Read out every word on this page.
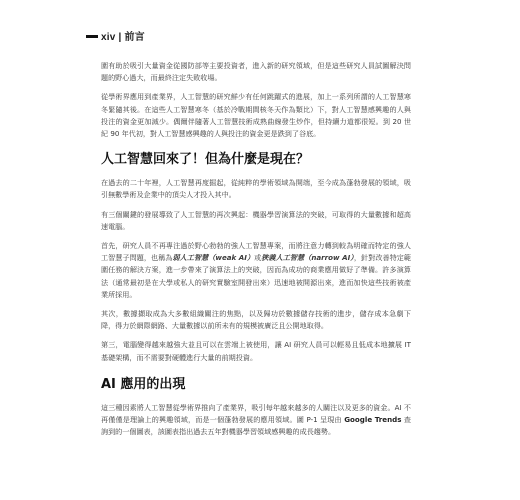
xiv | 前言

圍有助於吸引大量資金從國防部等主要投資者，進入新的研究領域，但是這些研究人員試圖解決問題的野心過大，而最終注定失敗收場。

從學術界應用到產業界，人工智慧的研究鮮少有任何跳躍式的進展，加上一系列所謂的人工智慧寒冬緊隨其後。在這些人工智慧寒冬（基於冷戰期間核冬天作為類比）下，對人工智慧感興趣的人與投注的資金更加減少。偶爾伴隨著人工智慧技術成熟曲線發生炒作，但持續力道都很短。到 20 世紀 90 年代初，對人工智慧感興趣的人與投注的資金更是跌到了谷底。

人工智慧回來了！但為什麼是現在？

在過去的二十年裡，人工智慧再度掘起，從純粹的學術領域為開端，至今成為蓬勃發展的領域，吸引無數學術及企業中的頂尖人才投入其中。

有三個關鍵的發展導致了人工智慧的再次興起：機器學習演算法的突破，可取得的大量數據和超高速電腦。

首先，研究人員不再專注過於野心勃勃的強人工智慧專案，而將注意力轉到較為明確而特定的強人工智慧子問題，也稱為弱人工智慧（weak AI）或狹義人工智慧（narrow AI），針對改善特定範圍任務的解決方案，進一步帶來了演算法上的突破，因而為成功的商業應用做好了準備。許多演算法（通常最初是在大學或私人的研究實驗室開發出來）迅速地被開源出來，進而加快這些技術被產業所採用。

其次，數據擷取成為大多數組織關注的焦點，以及歸功於數據儲存技術的進步，儲存成本急劇下降，得力於網際網路、大量數據以前所未有的規模被廣泛且公開地取得。

第三，電腦變得越來越強大並且可以在雲端上被使用，讓 AI 研究人員可以輕易且低成本地擴展 IT 基礎架構，而不需要對硬體進行大量的前期投資。

AI 應用的出現

這三種因素將人工智慧從學術界推向了產業界，吸引每年越來越多的人關注以及更多的資金。AI 不再僅僅是理論上的興趣領域，而是一個蓬勃發展的應用領域。圖 P-1 呈現由 Google Trends 查詢到的一個圖表，該圖表指出過去五年對機器學習領域感興趣的成長趨勢。
